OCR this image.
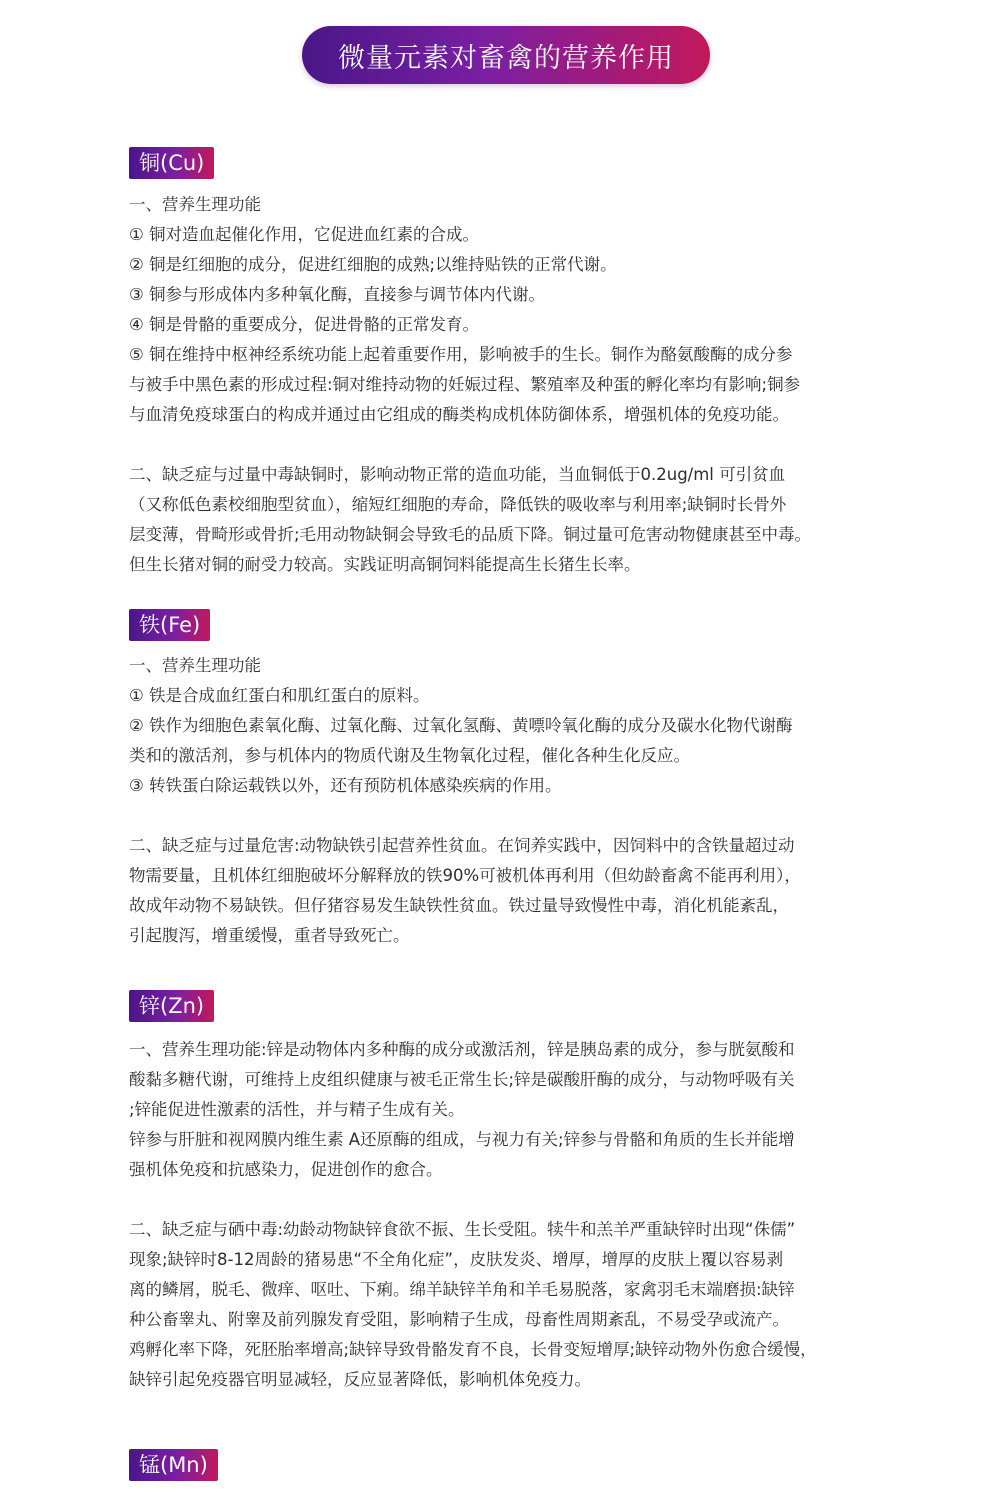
微量元素对畜禽的营养作用
铜(Cu)
一、营养生理功能
① 铜对造血起催化作用，它促进血红素的合成。
② 铜是红细胞的成分，促进红细胞的成熟;以维持贴铁的正常代谢。
③ 铜参与形成体内多种氧化酶，直接参与调节体内代谢。
④ 铜是骨骼的重要成分，促进骨骼的正常发育。
⑤ 铜在维持中枢神经系统功能上起着重要作用，影响被手的生长。铜作为酪氨酸酶的成分参
与被手中黑色素的形成过程:铜对维持动物的妊娠过程、繁殖率及种蛋的孵化率均有影响;铜参
与血清免疫球蛋白的构成并通过由它组成的酶类构成机体防御体系，增强机体的免疫功能。
二、缺乏症与过量中毒缺铜时，影响动物正常的造血功能，当血铜低于0.2ug/ml 可引贫血
（又称低色素校细胞型贫血），缩短红细胞的寿命，降低铁的吸收率与利用率;缺铜时长骨外
层变薄，骨畸形或骨折;毛用动物缺铜会导致毛的品质下降。铜过量可危害动物健康甚至中毒。
但生长猪对铜的耐受力较高。实践证明高铜饲料能提高生长猪生长率。
铁(Fe)
一、营养生理功能
① 铁是合成血红蛋白和肌红蛋白的原料。
② 铁作为细胞色素氧化酶、过氧化酶、过氧化氢酶、黄嘌呤氧化酶的成分及碳水化物代谢酶
类和的激活剂，参与机体内的物质代谢及生物氧化过程，催化各种生化反应。
③ 转铁蛋白除运载铁以外，还有预防机体感染疾病的作用。
二、缺乏症与过量危害:动物缺铁引起营养性贫血。在饲养实践中，因饲料中的含铁量超过动
物需要量，且机体红细胞破坏分解释放的铁90%可被机体再利用（但幼龄畜禽不能再利用），
故成年动物不易缺铁。但仔猪容易发生缺铁性贫血。铁过量导致慢性中毒，消化机能紊乱，
引起腹泻，增重缓慢，重者导致死亡。
锌(Zn)
一、营养生理功能:锌是动物体内多种酶的成分或激活剂，锌是胰岛素的成分，参与胱氨酸和
酸黏多糖代谢，可维持上皮组织健康与被毛正常生长;锌是碳酸肝酶的成分，与动物呼吸有关
;锌能促进性激素的活性，并与精子生成有关。
锌参与肝脏和视网膜内维生素 A还原酶的组成，与视力有关;锌参与骨骼和角质的生长并能增
强机体免疫和抗感染力，促进创作的愈合。
二、缺乏症与硒中毒:幼龄动物缺锌食欲不振、生长受阻。犊牛和羔羊严重缺锌时出现“侏儒”
现象;缺锌时8-12周龄的猪易患“不全角化症”，皮肤发炎、增厚，增厚的皮肤上覆以容易剥
离的鳞屑，脱毛、微痒、呕吐、下痢。绵羊缺锌羊角和羊毛易脱落，家禽羽毛末端磨损:缺锌
种公畜睾丸、附睾及前列腺发育受阻，影响精子生成，母畜性周期紊乱，不易受孕或流产。
鸡孵化率下降，死胚胎率增高;缺锌导致骨骼发育不良，长骨变短增厚;缺锌动物外伤愈合缓慢，
缺锌引起免疫器官明显减轻，反应显著降低，影响机体免疫力。
锰(Mn)
